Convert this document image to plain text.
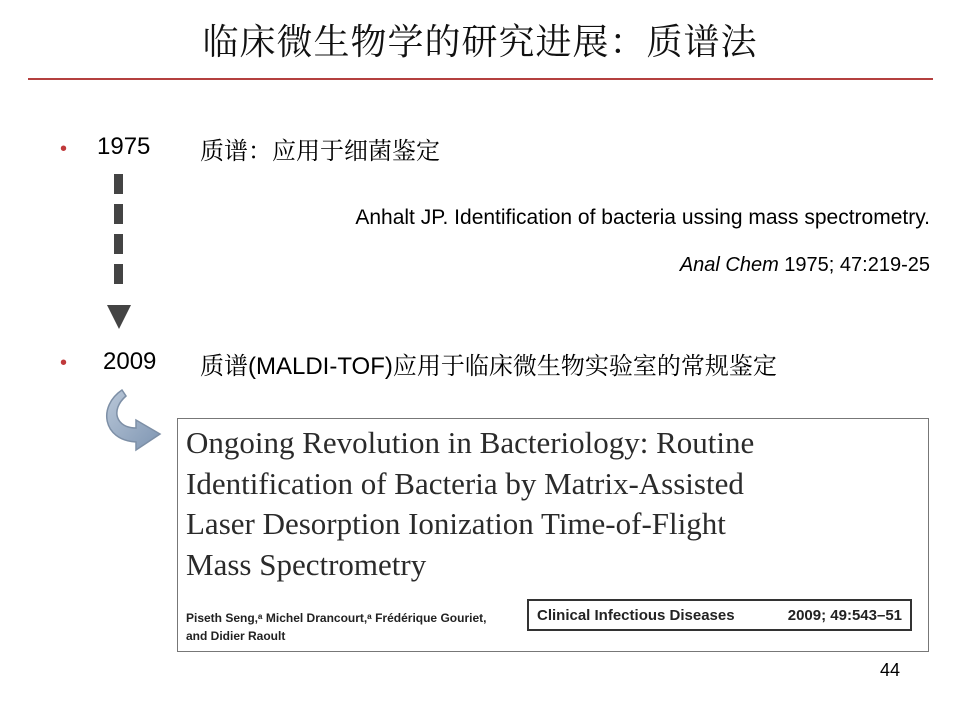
临床微生物学的研究进展：质谱法
• 1975 质谱：应用于细菌鉴定
Anhalt JP. Identification of bacteria ussing mass spectrometry.
Anal Chem 1975; 47:219-25
• 2009 质谱(MALDI-TOF)应用于临床微生物实验室的常规鉴定
Ongoing Revolution in Bacteriology: Routine
Identification of Bacteria by Matrix-Assisted
Laser Desorption Ionization Time-of-Flight
Mass Spectrometry
Piseth Seng,ᵃ Michel Drancourt,ᵃ Frédérique Gouriet,
and Didier Raoult
Clinical Infectious Diseases	2009; 49:543–51
44
